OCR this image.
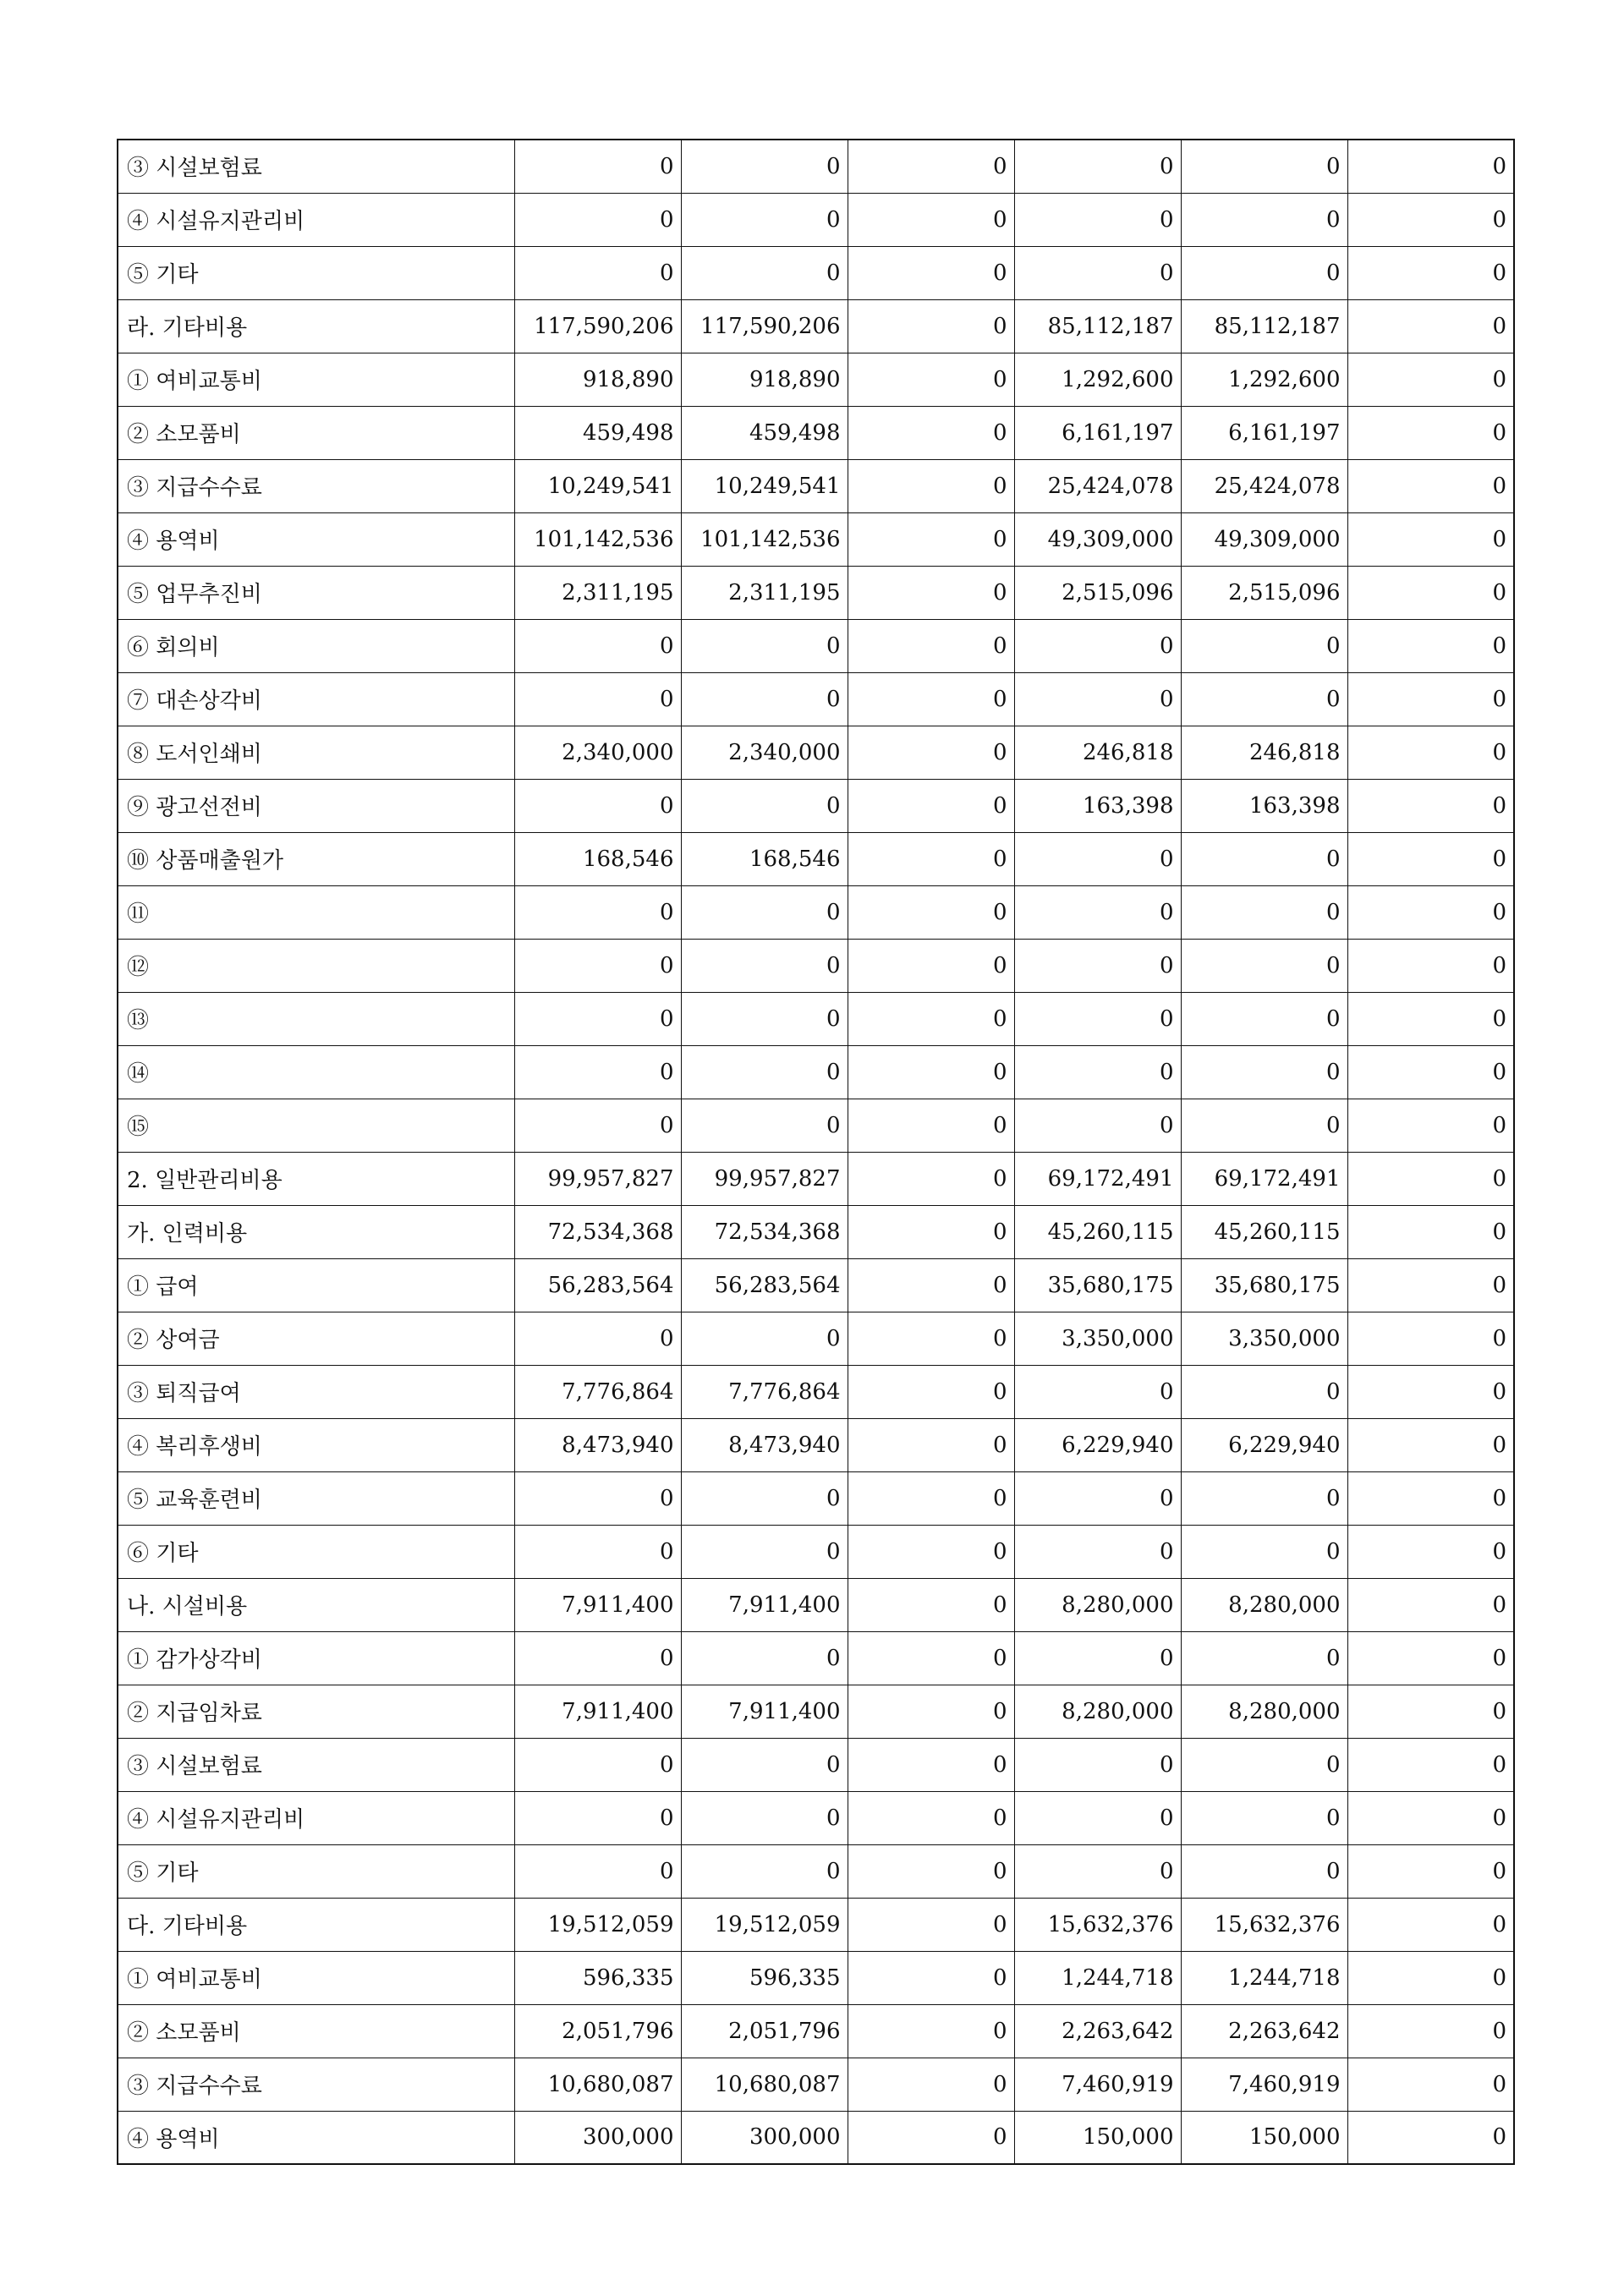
③ 시설보험료	0	0	0	0	0	0
④ 시설유지관리비	0	0	0	0	0	0
⑤ 기타	0	0	0	0	0	0
라. 기타비용	117,590,206	117,590,206	0	85,112,187	85,112,187	0
① 여비교통비	918,890	918,890	0	1,292,600	1,292,600	0
② 소모품비	459,498	459,498	0	6,161,197	6,161,197	0
③ 지급수수료	10,249,541	10,249,541	0	25,424,078	25,424,078	0
④ 용역비	101,142,536	101,142,536	0	49,309,000	49,309,000	0
⑤ 업무추진비	2,311,195	2,311,195	0	2,515,096	2,515,096	0
⑥ 회의비	0	0	0	0	0	0
⑦ 대손상각비	0	0	0	0	0	0
⑧ 도서인쇄비	2,340,000	2,340,000	0	246,818	246,818	0
⑨ 광고선전비	0	0	0	163,398	163,398	0
⑩ 상품매출원가	168,546	168,546	0	0	0	0
⑪	0	0	0	0	0	0
⑫	0	0	0	0	0	0
⑬	0	0	0	0	0	0
⑭	0	0	0	0	0	0
⑮	0	0	0	0	0	0
2. 일반관리비용	99,957,827	99,957,827	0	69,172,491	69,172,491	0
가. 인력비용	72,534,368	72,534,368	0	45,260,115	45,260,115	0
① 급여	56,283,564	56,283,564	0	35,680,175	35,680,175	0
② 상여금	0	0	0	3,350,000	3,350,000	0
③ 퇴직급여	7,776,864	7,776,864	0	0	0	0
④ 복리후생비	8,473,940	8,473,940	0	6,229,940	6,229,940	0
⑤ 교육훈련비	0	0	0	0	0	0
⑥ 기타	0	0	0	0	0	0
나. 시설비용	7,911,400	7,911,400	0	8,280,000	8,280,000	0
① 감가상각비	0	0	0	0	0	0
② 지급임차료	7,911,400	7,911,400	0	8,280,000	8,280,000	0
③ 시설보험료	0	0	0	0	0	0
④ 시설유지관리비	0	0	0	0	0	0
⑤ 기타	0	0	0	0	0	0
다. 기타비용	19,512,059	19,512,059	0	15,632,376	15,632,376	0
① 여비교통비	596,335	596,335	0	1,244,718	1,244,718	0
② 소모품비	2,051,796	2,051,796	0	2,263,642	2,263,642	0
③ 지급수수료	10,680,087	10,680,087	0	7,460,919	7,460,919	0
④ 용역비	300,000	300,000	0	150,000	150,000	0
